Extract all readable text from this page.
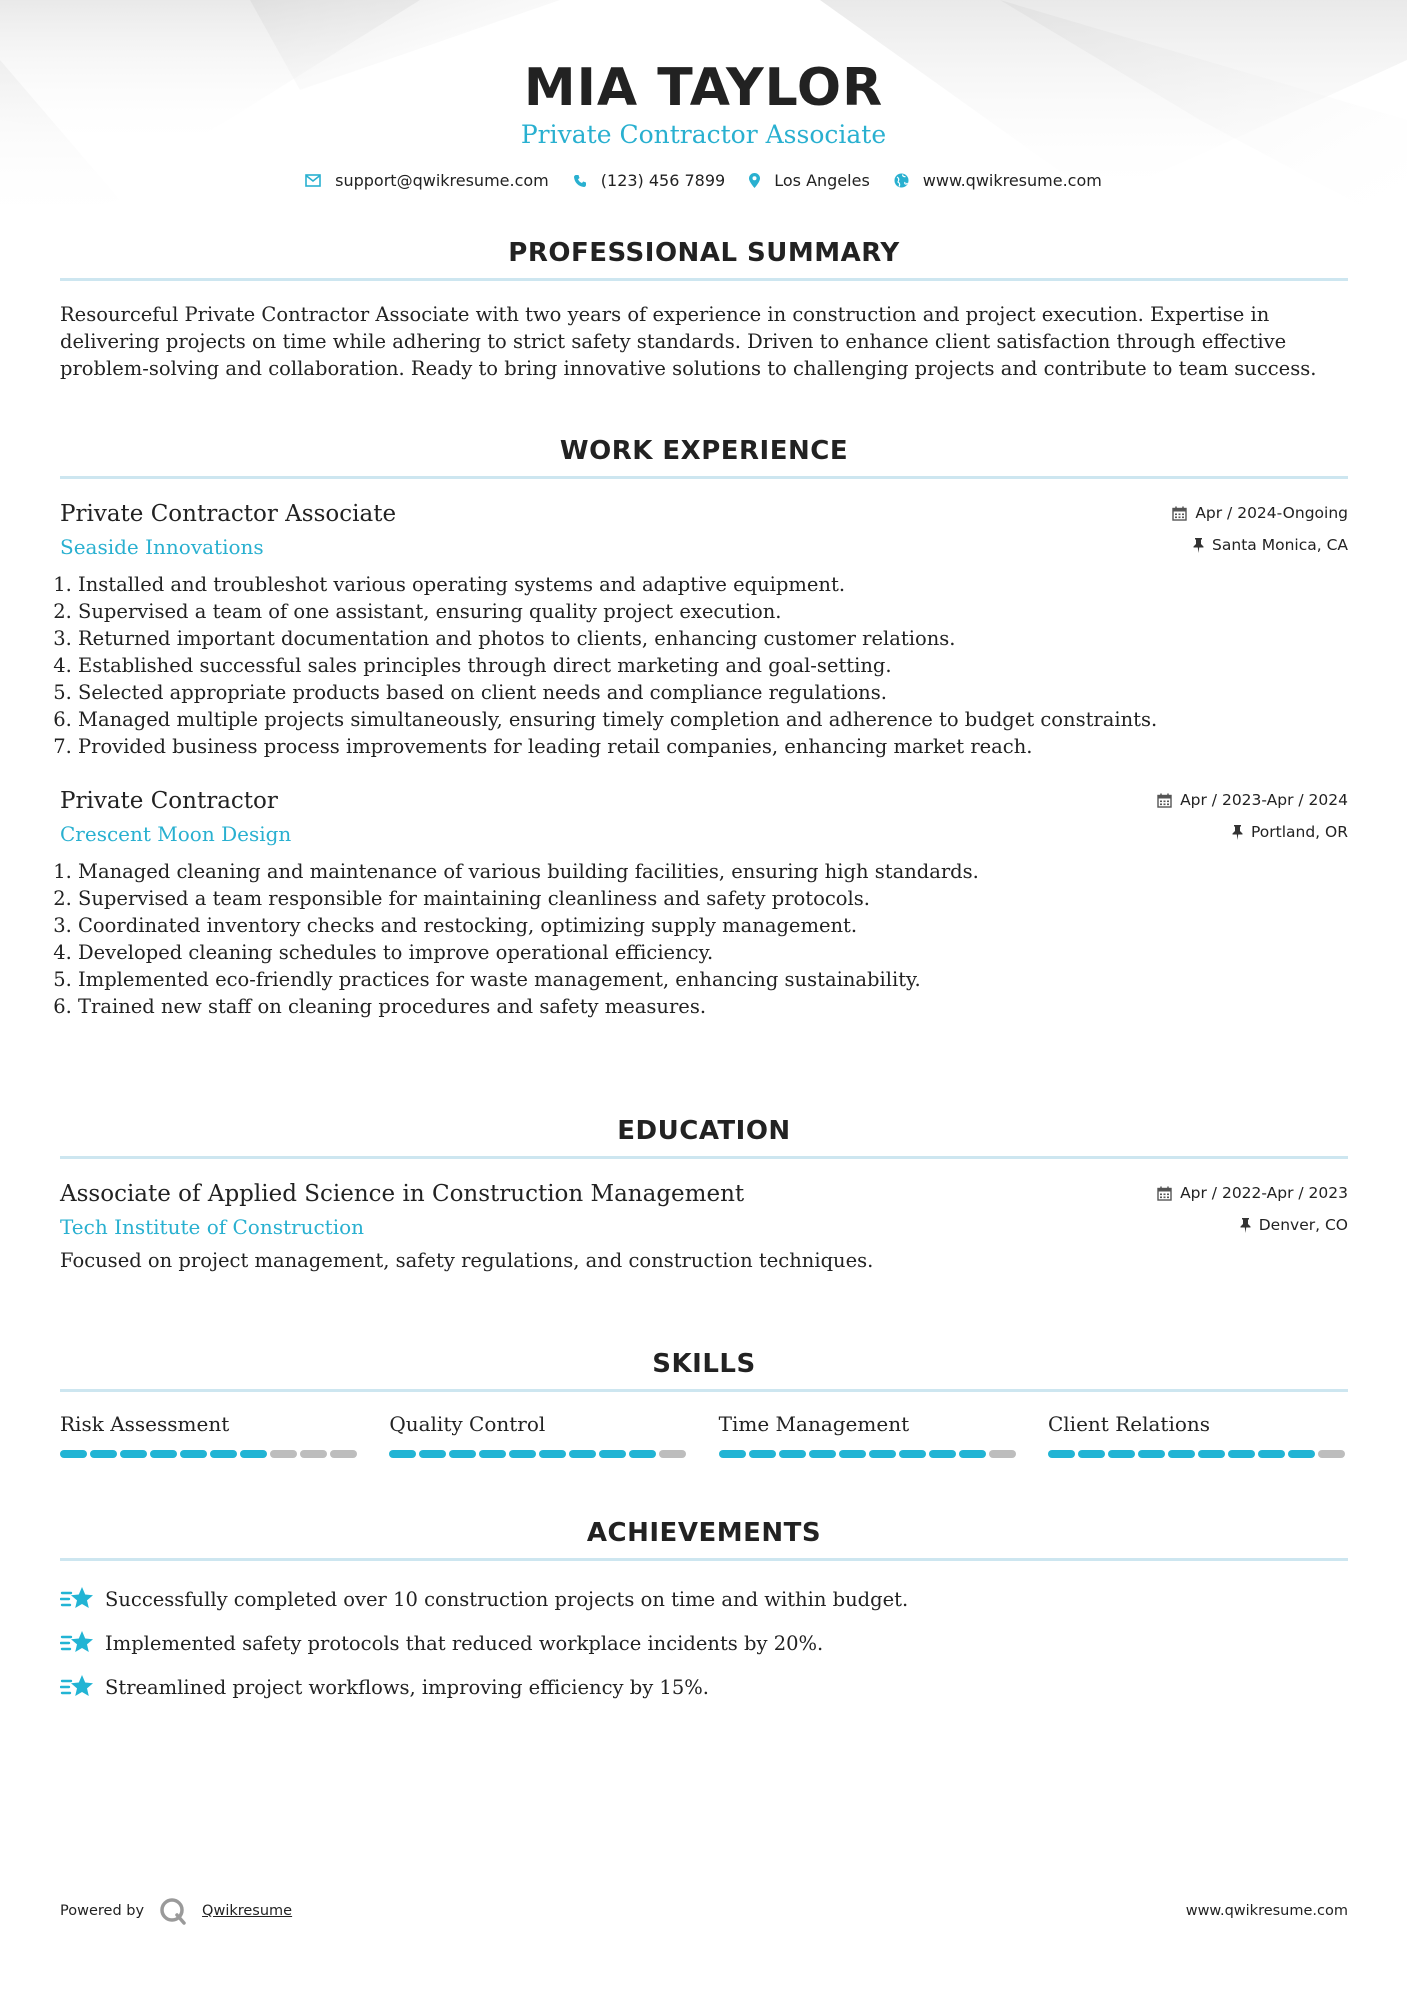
MIA TAYLOR
Private Contractor Associate
support@qwikresume.com	(123) 456 7899	Los Angeles	www.qwikresume.com
PROFESSIONAL SUMMARY

Resourceful Private Contractor Associate with two years of experience in construction and project execution. Expertise in delivering projects on time while adhering to strict safety standards. Driven to enhance client satisfaction through effective problem-solving and collaboration. Ready to bring innovative solutions to challenging projects and contribute to team success.

WORK EXPERIENCE
Private Contractor Associate
Seaside Innovations
Apr / 2024-Ongoing
Santa Monica, CA
1. Installed and troubleshot various operating systems and adaptive equipment.
2. Supervised a team of one assistant, ensuring quality project execution.
3. Returned important documentation and photos to clients, enhancing customer relations.
4. Established successful sales principles through direct marketing and goal-setting.
5. Selected appropriate products based on client needs and compliance regulations.
6. Managed multiple projects simultaneously, ensuring timely completion and adherence to budget constraints.
7. Provided business process improvements for leading retail companies, enhancing market reach.
Private Contractor
Crescent Moon Design
Apr / 2023-Apr / 2024
Portland, OR
1. Managed cleaning and maintenance of various building facilities, ensuring high standards.
2. Supervised a team responsible for maintaining cleanliness and safety protocols.
3. Coordinated inventory checks and restocking, optimizing supply management.
4. Developed cleaning schedules to improve operational efficiency.
5. Implemented eco-friendly practices for waste management, enhancing sustainability.
6. Trained new staff on cleaning procedures and safety measures.
EDUCATION
Associate of Applied Science in Construction Management
Tech Institute of Construction
Apr / 2022-Apr / 2023
Denver, CO

Focused on project management, safety regulations, and construction techniques.

SKILLS
Risk Assessment	Quality Control	Time Management	Client Relations
ACHIEVEMENTS
Successfully completed over 10 construction projects on time and within budget.
Implemented safety protocols that reduced workplace incidents by 20%.
Streamlined project workflows, improving efficiency by 15%.
Powered by	Qwikresume	www.qwikresume.com
